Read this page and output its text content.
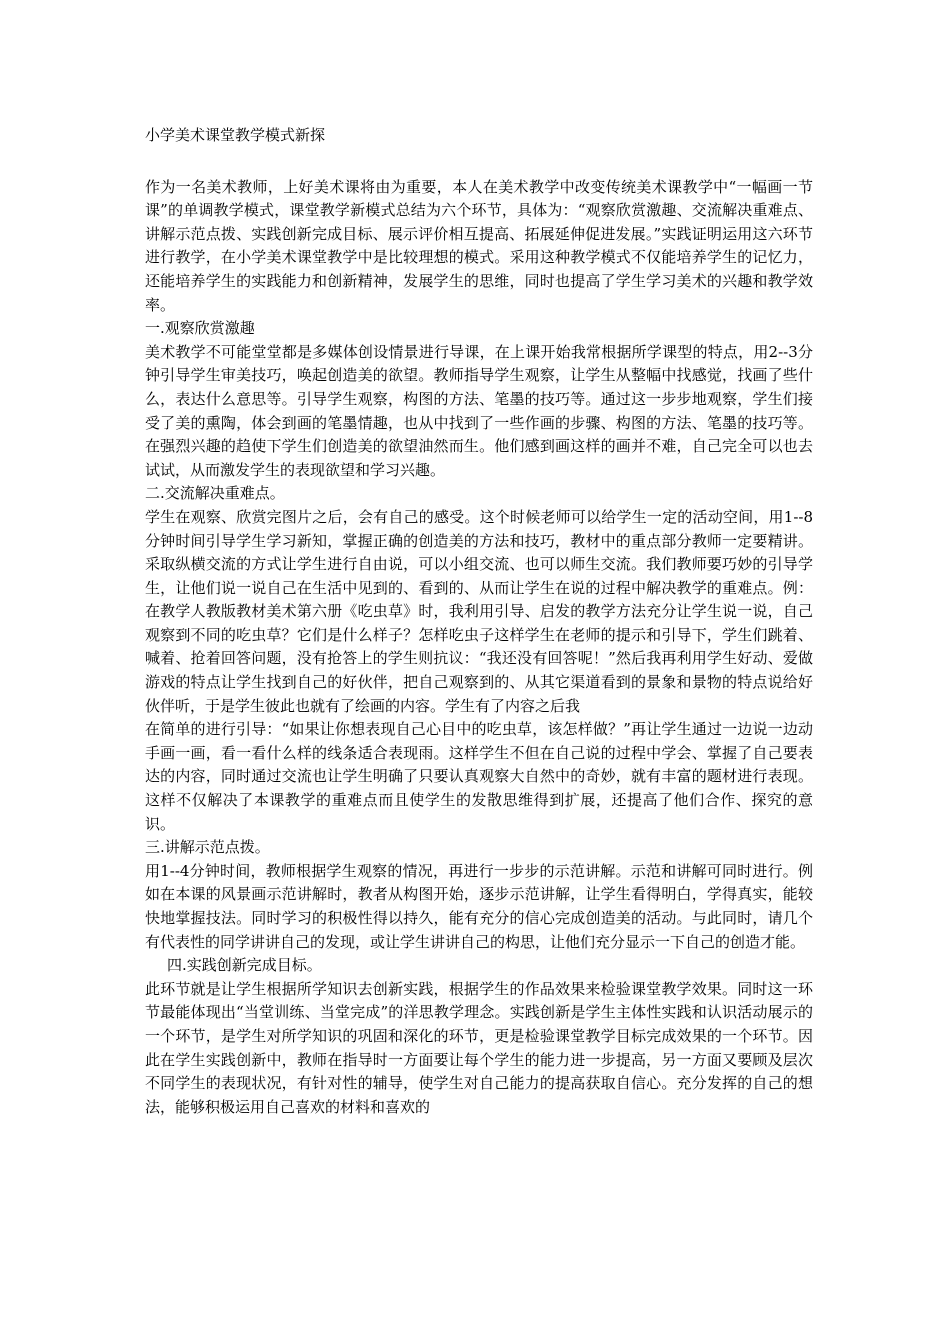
小学美术课堂教学模式新探

作为一名美术教师，上好美术课将由为重要，本人在美术教学中改变传统美术课教学中“一幅画一节课”的单调教学模式，课堂教学新模式总结为六个环节，具体为：“观察欣赏激趣、交流解决重难点、讲解示范点拨、实践创新完成目标、展示评价相互提高、拓展延伸促进发展。”实践证明运用这六环节进行教学，在小学美术课堂教学中是比较理想的模式。采用这种教学模式不仅能培养学生的记忆力，还能培养学生的实践能力和创新精神，发展学生的思维，同时也提高了学生学习美术的兴趣和教学效率。

一.观察欣赏激趣

美术教学不可能堂堂都是多媒体创设情景进行导课，在上课开始我常根据所学课型的特点，用2--3分钟引导学生审美技巧，唤起创造美的欲望。教师指导学生观察，让学生从整幅中找感觉，找画了些什么，表达什么意思等。引导学生观察，构图的方法、笔墨的技巧等。通过这一步步地观察，学生们接受了美的熏陶，体会到画的笔墨情趣，也从中找到了一些作画的步骤、构图的方法、笔墨的技巧等。在强烈兴趣的趋使下学生们创造美的欲望油然而生。他们感到画这样的画并不难，自己完全可以也去试试，从而激发学生的表现欲望和学习兴趣。

二.交流解决重难点。

学生在观察、欣赏完图片之后，会有自己的感受。这个时候老师可以给学生一定的活动空间，用1--8分钟时间引导学生学习新知，掌握正确的创造美的方法和技巧，教材中的重点部分教师一定要精讲。采取纵横交流的方式让学生进行自由说，可以小组交流、也可以师生交流。我们教师要巧妙的引导学生，让他们说一说自己在生活中见到的、看到的、从而让学生在说的过程中解决教学的重难点。例：在教学人教版教材美术第六册《吃虫草》时，我利用引导、启发的教学方法充分让学生说一说，自己观察到不同的吃虫草？它们是什么样子？怎样吃虫子这样学生在老师的提示和引导下，学生们跳着、喊着、抢着回答问题，没有抢答上的学生则抗议：“我还没有回答呢！”然后我再利用学生好动、爱做游戏的特点让学生找到自己的好伙伴，把自己观察到的、从其它渠道看到的景象和景物的特点说给好伙伴听，于是学生彼此也就有了绘画的内容。学生有了内容之后我

在简单的进行引导：“如果让你想表现自己心目中的吃虫草，该怎样做？”再让学生通过一边说一边动手画一画，看一看什么样的线条适合表现雨。这样学生不但在自己说的过程中学会、掌握了自己要表达的内容，同时通过交流也让学生明确了只要认真观察大自然中的奇妙，就有丰富的题材进行表现。这样不仅解决了本课教学的重难点而且使学生的发散思维得到扩展，还提高了他们合作、探究的意识。

三.讲解示范点拨。

用1--4分钟时间，教师根据学生观察的情况，再进行一步步的示范讲解。示范和讲解可同时进行。例如在本课的风景画示范讲解时，教者从构图开始，逐步示范讲解，让学生看得明白，学得真实，能较快地掌握技法。同时学习的积极性得以持久，能有充分的信心完成创造美的活动。与此同时，请几个有代表性的同学讲讲自己的发现，或让学生讲讲自己的构思，让他们充分显示一下自己的创造才能。

四.实践创新完成目标。

此环节就是让学生根据所学知识去创新实践，根据学生的作品效果来检验课堂教学效果。同时这一环节最能体现出“当堂训练、当堂完成”的洋思教学理念。实践创新是学生主体性实践和认识活动展示的一个环节，是学生对所学知识的巩固和深化的环节，更是检验课堂教学目标完成效果的一个环节。因此在学生实践创新中，教师在指导时一方面要让每个学生的能力进一步提高，另一方面又要顾及层次不同学生的表现状况，有针对性的辅导，使学生对自己能力的提高获取自信心。充分发挥的自己的想法，能够积极运用自己喜欢的材料和喜欢的
